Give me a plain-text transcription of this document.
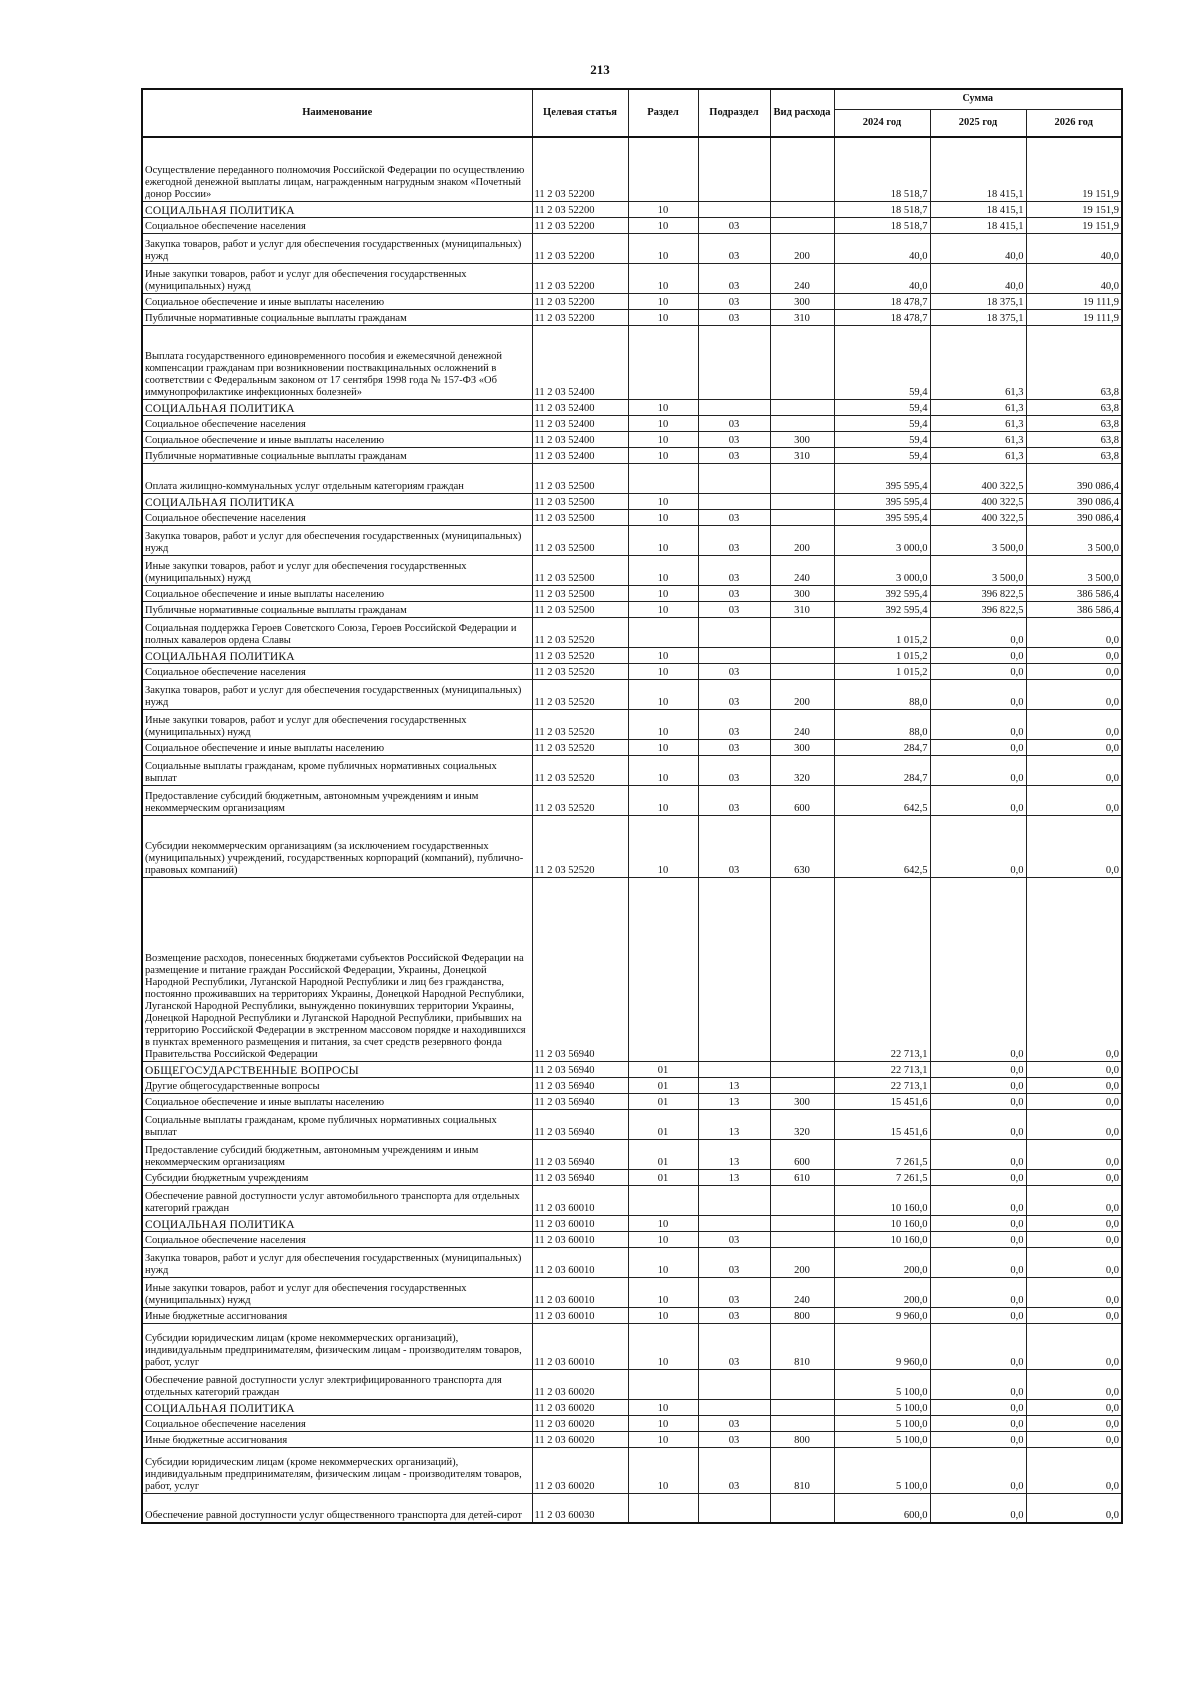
213
Наименование	Целевая статья	Раздел	Подраздел	Вид расхода	Сумма		
					2024 год	2025 год	2026 год
Осуществление переданного полномочия Российской Федерации по осуществлению ежегодной денежной выплаты лицам, награжденным нагрудным знаком «Почетный донор России»	11 2 03 52200				18 518,7	18 415,1	19 151,9
СОЦИАЛЬНАЯ ПОЛИТИКА	11 2 03 52200	10			18 518,7	18 415,1	19 151,9
Социальное обеспечение населения	11 2 03 52200	10	03		18 518,7	18 415,1	19 151,9
Закупка товаров, работ и услуг для обеспечения государственных (муниципальных) нужд	11 2 03 52200	10	03	200	40,0	40,0	40,0
Иные закупки товаров, работ и услуг для обеспечения государственных (муниципальных) нужд	11 2 03 52200	10	03	240	40,0	40,0	40,0
Социальное обеспечение и иные выплаты населению	11 2 03 52200	10	03	300	18 478,7	18 375,1	19 111,9
Публичные нормативные социальные выплаты гражданам	11 2 03 52200	10	03	310	18 478,7	18 375,1	19 111,9
Выплата государственного единовременного пособия и ежемесячной денежной компенсации гражданам при возникновении поствакцинальных осложнений в соответствии с Федеральным законом от 17 сентября 1998 года № 157-ФЗ «Об иммунопрофилактике инфекционных болезней»	11 2 03 52400				59,4	61,3	63,8
СОЦИАЛЬНАЯ ПОЛИТИКА	11 2 03 52400	10			59,4	61,3	63,8
Социальное обеспечение населения	11 2 03 52400	10	03		59,4	61,3	63,8
Социальное обеспечение и иные выплаты населению	11 2 03 52400	10	03	300	59,4	61,3	63,8
Публичные нормативные социальные выплаты гражданам	11 2 03 52400	10	03	310	59,4	61,3	63,8
Оплата жилищно-коммунальных услуг отдельным категориям граждан	11 2 03 52500				395 595,4	400 322,5	390 086,4
СОЦИАЛЬНАЯ ПОЛИТИКА	11 2 03 52500	10			395 595,4	400 322,5	390 086,4
Социальное обеспечение населения	11 2 03 52500	10	03		395 595,4	400 322,5	390 086,4
Закупка товаров, работ и услуг для обеспечения государственных (муниципальных) нужд	11 2 03 52500	10	03	200	3 000,0	3 500,0	3 500,0
Иные закупки товаров, работ и услуг для обеспечения государственных (муниципальных) нужд	11 2 03 52500	10	03	240	3 000,0	3 500,0	3 500,0
Социальное обеспечение и иные выплаты населению	11 2 03 52500	10	03	300	392 595,4	396 822,5	386 586,4
Публичные нормативные социальные выплаты гражданам	11 2 03 52500	10	03	310	392 595,4	396 822,5	386 586,4
Социальная поддержка Героев Советского Союза, Героев Российской Федерации и полных кавалеров ордена Славы	11 2 03 52520				1 015,2	0,0	0,0
СОЦИАЛЬНАЯ ПОЛИТИКА	11 2 03 52520	10			1 015,2	0,0	0,0
Социальное обеспечение населения	11 2 03 52520	10	03		1 015,2	0,0	0,0
Закупка товаров, работ и услуг для обеспечения государственных (муниципальных) нужд	11 2 03 52520	10	03	200	88,0	0,0	0,0
Иные закупки товаров, работ и услуг для обеспечения государственных (муниципальных) нужд	11 2 03 52520	10	03	240	88,0	0,0	0,0
Социальное обеспечение и иные выплаты населению	11 2 03 52520	10	03	300	284,7	0,0	0,0
Социальные выплаты гражданам, кроме публичных нормативных социальных выплат	11 2 03 52520	10	03	320	284,7	0,0	0,0
Предоставление субсидий бюджетным, автономным учреждениям и иным некоммерческим организациям	11 2 03 52520	10	03	600	642,5	0,0	0,0
Субсидии некоммерческим организациям (за исключением государственных (муниципальных) учреждений, государственных корпораций (компаний), публично-правовых компаний)	11 2 03 52520	10	03	630	642,5	0,0	0,0
Возмещение расходов, понесенных бюджетами субъектов Российской Федерации на размещение и питание граждан Российской Федерации, Украины, Донецкой Народной Республики, Луганской Народной Республики и лиц без гражданства, постоянно проживавших на территориях Украины, Донецкой Народной Республики, Луганской Народной Республики, вынужденно покинувших территории Украины, Донецкой Народной Республики и Луганской Народной Республики, прибывших на территорию Российской Федерации в экстренном массовом порядке и находившихся в пунктах временного размещения и питания, за счет средств резервного фонда Правительства Российской Федерации	11 2 03 56940				22 713,1	0,0	0,0
ОБЩЕГОСУДАРСТВЕННЫЕ ВОПРОСЫ	11 2 03 56940	01			22 713,1	0,0	0,0
Другие общегосударственные вопросы	11 2 03 56940	01	13		22 713,1	0,0	0,0
Социальное обеспечение и иные выплаты населению	11 2 03 56940	01	13	300	15 451,6	0,0	0,0
Социальные выплаты гражданам, кроме публичных нормативных социальных выплат	11 2 03 56940	01	13	320	15 451,6	0,0	0,0
Предоставление субсидий бюджетным, автономным учреждениям и иным некоммерческим организациям	11 2 03 56940	01	13	600	7 261,5	0,0	0,0
Субсидии бюджетным учреждениям	11 2 03 56940	01	13	610	7 261,5	0,0	0,0
Обеспечение равной доступности услуг автомобильного транспорта для отдельных категорий граждан	11 2 03 60010				10 160,0	0,0	0,0
СОЦИАЛЬНАЯ ПОЛИТИКА	11 2 03 60010	10			10 160,0	0,0	0,0
Социальное обеспечение населения	11 2 03 60010	10	03		10 160,0	0,0	0,0
Закупка товаров, работ и услуг для обеспечения государственных (муниципальных) нужд	11 2 03 60010	10	03	200	200,0	0,0	0,0
Иные закупки товаров, работ и услуг для обеспечения государственных (муниципальных) нужд	11 2 03 60010	10	03	240	200,0	0,0	0,0
Иные бюджетные ассигнования	11 2 03 60010	10	03	800	9 960,0	0,0	0,0
Субсидии юридическим лицам (кроме некоммерческих организаций), индивидуальным предпринимателям, физическим лицам - производителям товаров, работ, услуг	11 2 03 60010	10	03	810	9 960,0	0,0	0,0
Обеспечение равной доступности услуг электрифицированного транспорта для отдельных категорий граждан	11 2 03 60020				5 100,0	0,0	0,0
СОЦИАЛЬНАЯ ПОЛИТИКА	11 2 03 60020	10			5 100,0	0,0	0,0
Социальное обеспечение населения	11 2 03 60020	10	03		5 100,0	0,0	0,0
Иные бюджетные ассигнования	11 2 03 60020	10	03	800	5 100,0	0,0	0,0
Субсидии юридическим лицам (кроме некоммерческих организаций), индивидуальным предпринимателям, физическим лицам - производителям товаров, работ, услуг	11 2 03 60020	10	03	810	5 100,0	0,0	0,0
Обеспечение равной доступности услуг общественного транспорта для детей-сирот	11 2 03 60030				600,0	0,0	0,0
